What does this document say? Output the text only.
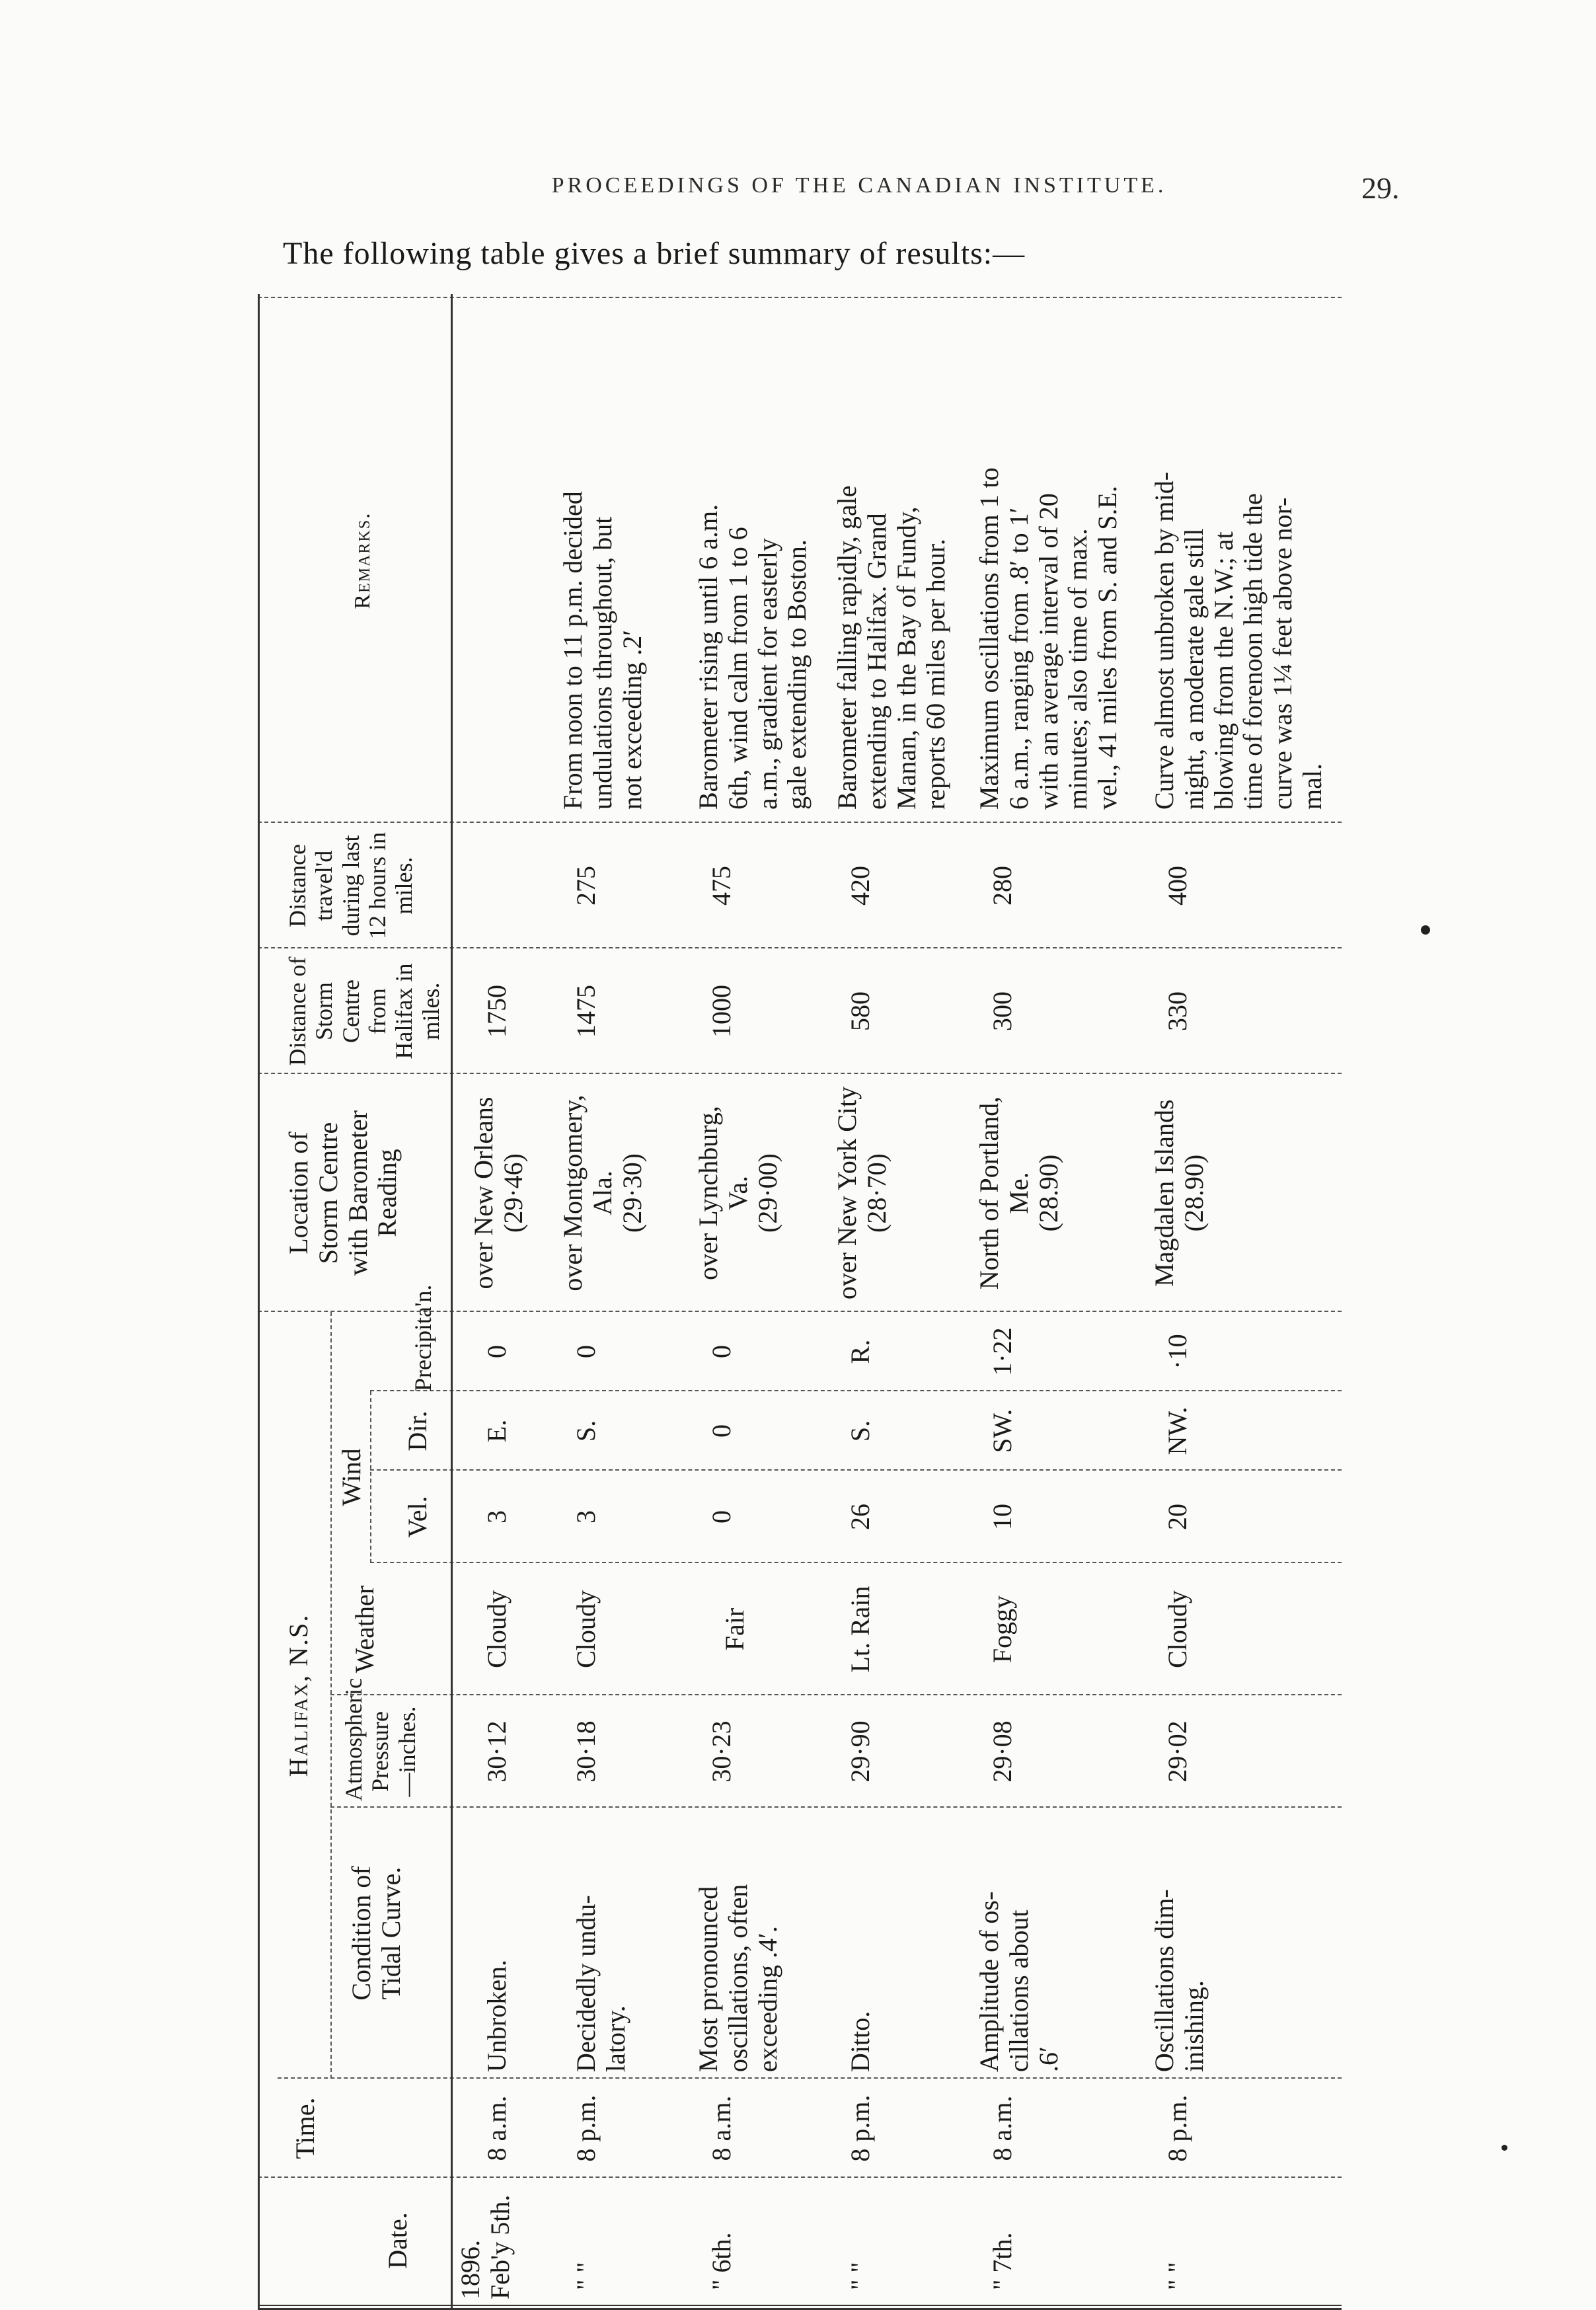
PROCEEDINGS OF THE CANADIAN INSTITUTE.	29.
The following table gives a brief summary of results:—
Date.
Time.
Halifax, N.S.
Condition of Tidal Curve.
Atmospheric Pressure—inches.
Weather
Wind
Vel.
Dir.
Precipita'n.
Location of Storm Centre with Barometer Reading
Distance of Storm Centre from Halifax in miles.
Distance travel'd during last 12 hours in miles.
Remarks.
1896.
Feb'y 5th.
8 a.m.
Unbroken.
30·12
Cloudy
3
E.
0
over New Orleans
(29·46)
1750
" "
8 p.m.
Decidedly undu-
latory.
30·18
Cloudy
3
S.
0
over Montgomery,
Ala.
(29·30)
1475
275
From noon to 11 p.m. decided
undulations throughout, but
not exceeding .2′
" 6th.
8 a.m.
Most pronounced
oscillations, often
exceeding .4′.
30·23
Fair
0
0
0
over Lynchburg,
Va.
(29·00)
1000
475
Barometer rising until 6 a.m.
6th, wind calm from 1 to 6
a.m., gradient for easterly
gale extending to Boston.
" "
8 p.m.
Ditto.
29·90
Lt. Rain
26
S.
R.
over New York City
(28·70)
580
420
Barometer falling rapidly, gale
extending to Halifax. Grand
Manan, in the Bay of Fundy,
reports 60 miles per hour.
" 7th.
8 a.m.
Amplitude of os-
cillations about
.6′
29·08
Foggy
10
SW.
1·22
North of Portland,
Me.
(28.90)
300
280
Maximum oscillations from 1 to
6 a.m., ranging from .8′ to 1′
with an average interval of 20
minutes; also time of max.
vel., 41 miles from S. and S.E.
" "
8 p.m.
Oscillations dim-
inishing.
29·02
Cloudy
20
NW.
·10
Magdalen Islands
(28.90)
330
400
Curve almost unbroken by mid-
night, a moderate gale still
blowing from the N.W.; at
time of forenoon high tide the
curve was 1¼ feet above nor-
mal.
